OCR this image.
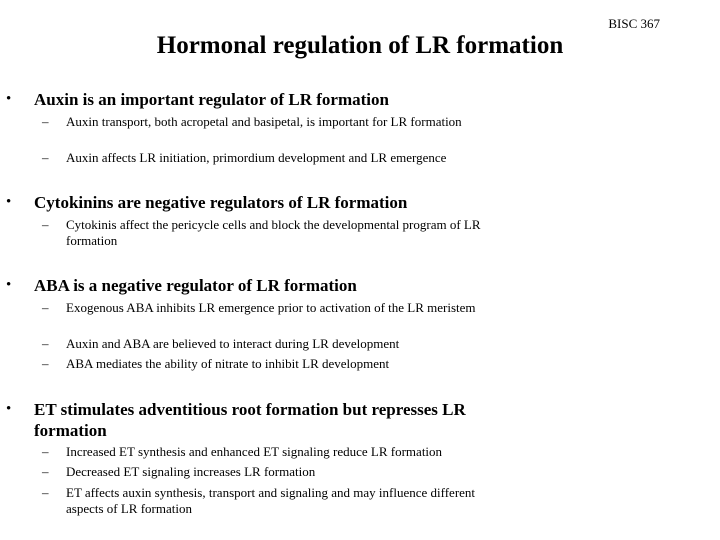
BISC 367
Hormonal regulation of LR formation
• Auxin is an important regulator of LR formation
– Auxin transport, both acropetal and basipetal, is important for LR formation
– Auxin affects LR initiation, primordium development and LR emergence
• Cytokinins are negative regulators of LR formation
– Cytokinis affect the pericycle cells and block the developmental program of LR formation
• ABA is a negative regulator of LR formation
– Exogenous ABA inhibits LR emergence prior to activation of the LR meristem
– Auxin and ABA are believed to interact during LR development
– ABA mediates the ability of nitrate to inhibit LR development
• ET stimulates adventitious root formation but represses LR formation
– Increased ET synthesis and enhanced ET signaling reduce LR formation
– Decreased ET signaling increases LR formation
– ET affects auxin synthesis, transport and signaling and may influence different aspects of LR formation
